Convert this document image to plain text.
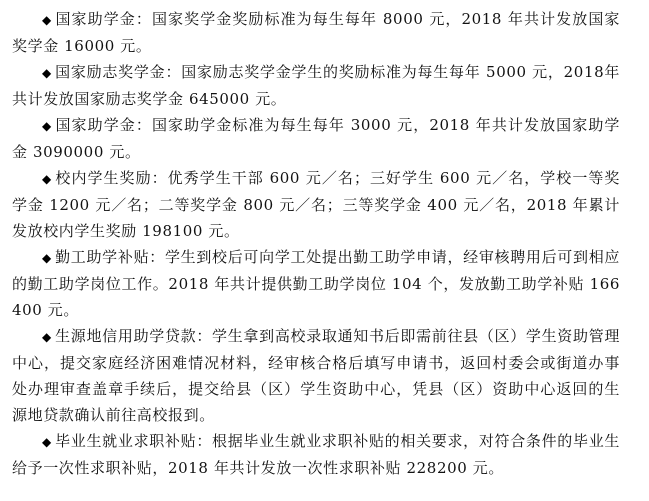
◆ 国家助学金：国家奖学金奖励标准为每生每年 8000 元，2018 年共计发放国家奖学金 16000 元。

◆ 国家励志奖学金：国家励志奖学金学生的奖励标准为每生每年 5000 元，2018年共计发放国家励志奖学金 645000 元。

◆ 国家助学金：国家助学金标准为每生每年 3000 元，2018 年共计发放国家助学金 3090000 元。

◆ 校内学生奖励：优秀学生干部 600 元／名；三好学生 600 元／名，学校一等奖学金 1200 元／名；二等奖学金 800 元／名；三等奖学金 400 元／名，2018 年累计发放校内学生奖励 198100 元。

◆ 勤工助学补贴：学生到校后可向学工处提出勤工助学申请，经审核聘用后可到相应的勤工助学岗位工作。2018 年共计提供勤工助学岗位 104 个，发放勤工助学补贴 166400 元。

◆ 生源地信用助学贷款：学生拿到高校录取通知书后即需前往县（区）学生资助管理中心，提交家庭经济困难情况材料，经审核合格后填写申请书，返回村委会或街道办事处办理审查盖章手续后，提交给县（区）学生资助中心，凭县（区）资助中心返回的生源地贷款确认前往高校报到。

◆ 毕业生就业求职补贴：根据毕业生就业求职补贴的相关要求，对符合条件的毕业生给予一次性求职补贴，2018 年共计发放一次性求职补贴 228200 元。
